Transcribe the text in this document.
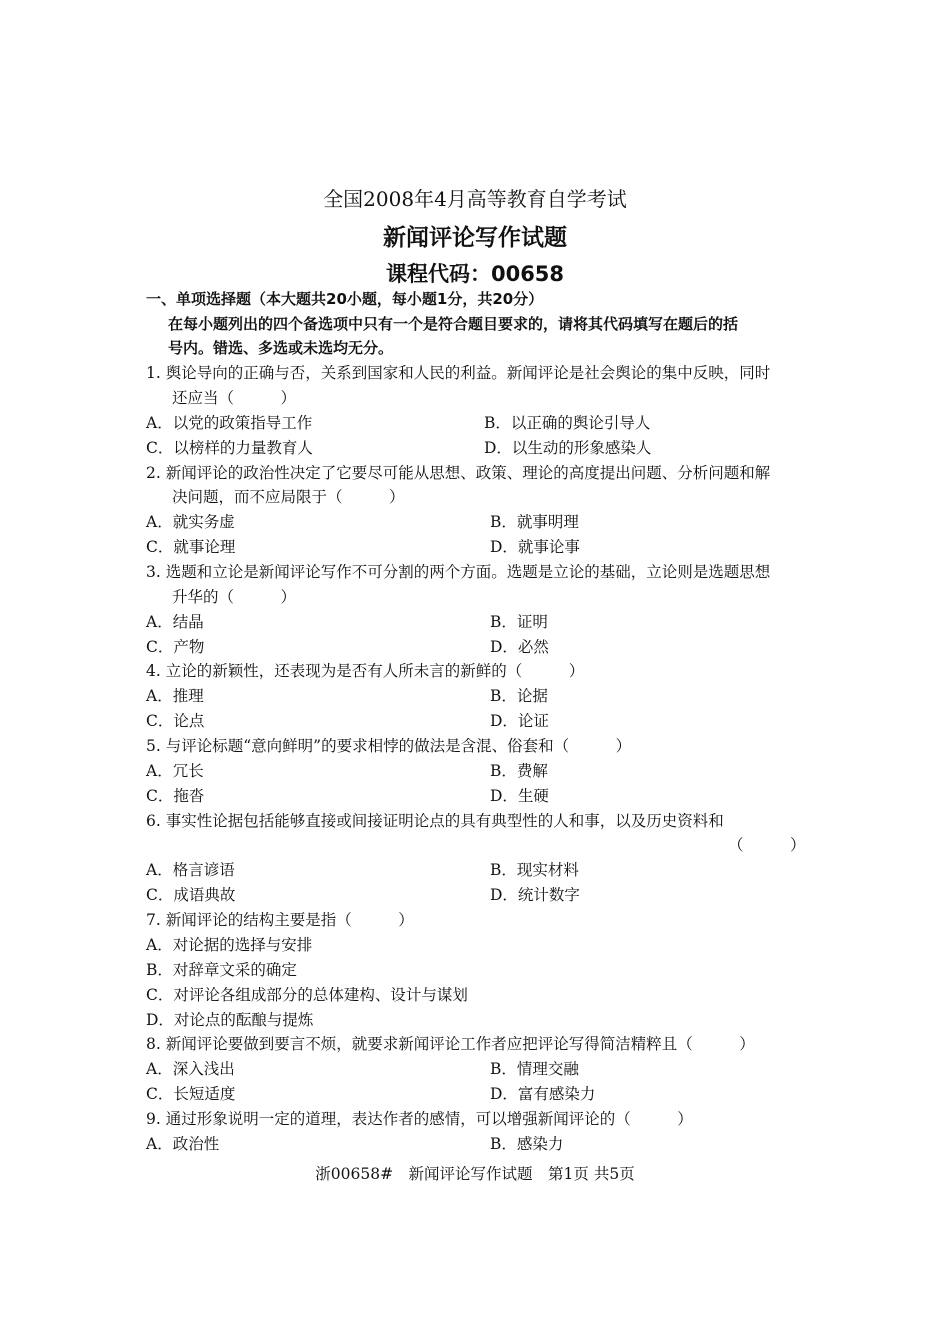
全国2008年4月高等教育自学考试
新闻评论写作试题
课程代码：00658
一、单项选择题（本大题共20小题，每小题1分，共20分）
在每小题列出的四个备选项中只有一个是符合题目要求的，请将其代码填写在题后的括
号内。错选、多选或未选均无分。
1. 舆论导向的正确与否，关系到国家和人民的利益。新闻评论是社会舆论的集中反映，同时
还应当（　　　）
A．以党的政策指导工作	B．以正确的舆论引导人
C．以榜样的力量教育人	D．以生动的形象感染人
2. 新闻评论的政治性决定了它要尽可能从思想、政策、理论的高度提出问题、分析问题和解
决问题，而不应局限于（　　　）
A．就实务虚	B．就事明理
C．就事论理	D．就事论事
3. 选题和立论是新闻评论写作不可分割的两个方面。选题是立论的基础，立论则是选题思想
升华的（　　　）
A．结晶	B．证明
C．产物	D．必然
4. 立论的新颖性，还表现为是否有人所未言的新鲜的（　　　）
A．推理	B．论据
C．论点	D．论证
5. 与评论标题“意向鲜明”的要求相悖的做法是含混、俗套和（　　　）
A．冗长	B．费解
C．拖沓	D．生硬
6. 事实性论据包括能够直接或间接证明论点的具有典型性的人和事，以及历史资料和
（　　　）
A．格言谚语	B．现实材料
C．成语典故	D．统计数字
7. 新闻评论的结构主要是指（　　　）
A．对论据的选择与安排
B．对辞章文采的确定
C．对评论各组成部分的总体建构、设计与谋划
D．对论点的酝酿与提炼
8. 新闻评论要做到要言不烦，就要求新闻评论工作者应把评论写得简洁精粹且（　　　）
A．深入浅出	B．情理交融
C．长短适度	D．富有感染力
9. 通过形象说明一定的道理，表达作者的感情，可以增强新闻评论的（　　　）
A．政治性	B．感染力
浙00658#　新闻评论写作试题　第1页 共5页
